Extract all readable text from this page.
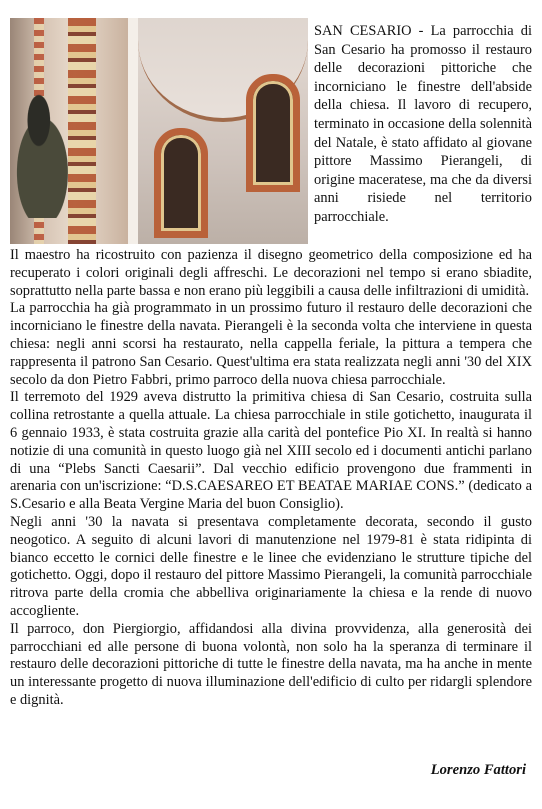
SAN CESARIO - La parrocchia di San Cesario ha promosso il restauro delle decorazioni pittoriche che incorniciano le finestre dell'abside della chiesa. Il lavoro di recupero, terminato in occasione della solennità del Natale, è stato affidato al giovane pittore Massimo Pierangeli, di origine maceratese, ma che da diversi anni risiede nel territorio parrocchiale.

Il maestro ha ricostruito con pazienza il disegno geometrico della composizione ed ha recuperato i colori originali degli affreschi. Le decorazioni nel tempo si erano sbiadite, soprattutto nella parte bassa e non erano più leggibili a causa delle infiltrazioni di umidità.

La parrocchia ha già programmato in un prossimo futuro il restauro delle decorazioni che incorniciano le finestre della navata. Pierangeli è la seconda volta che interviene in questa chiesa: negli anni scorsi ha restaurato, nella cappella feriale, la pittura a tempera che rappresenta il patrono San Cesario. Quest'ultima era stata realizzata negli anni '30 del XIX secolo da don Pietro Fabbri, primo parroco della nuova chiesa parrocchiale.

Il terremoto del 1929 aveva distrutto la primitiva chiesa di San Cesario, costruita sulla collina retrostante a quella attuale. La chiesa parrocchiale in stile gotichetto, inaugurata il 6 gennaio 1933, è stata costruita grazie alla carità del pontefice Pio XI. In realtà si hanno notizie di una comunità in questo luogo già nel XIII secolo ed i documenti antichi parlano di una “Plebs Sancti Caesarii”. Dal vecchio edificio provengono due frammenti in arenaria con un'iscrizione: “D.S.CAESAREO ET BEATAE MARIAE CONS.” (dedicato a S.Cesario e alla Beata Vergine Maria del buon Consiglio).

Negli anni '30 la navata si presentava completamente decorata, secondo il gusto neogotico. A seguito di alcuni lavori di manutenzione nel 1979-81 è stata ridipinta di bianco eccetto le cornici delle finestre e le linee che evidenziano le strutture tipiche del gotichetto. Oggi, dopo il restauro del pittore Massimo Pierangeli, la comunità parrocchiale ritrova parte della cromia che abbelliva originariamente la chiesa e la rende di nuovo accogliente.

Il parroco, don Piergiorgio, affidandosi alla divina provvidenza, alla generosità dei parrocchiani ed alle persone di buona volontà, non solo ha la speranza di terminare il restauro delle decorazioni pittoriche di tutte le finestre della navata, ma ha anche in mente un interessante progetto di nuova illuminazione dell'edificio di culto per ridargli splendore e dignità.

Lorenzo Fattori
